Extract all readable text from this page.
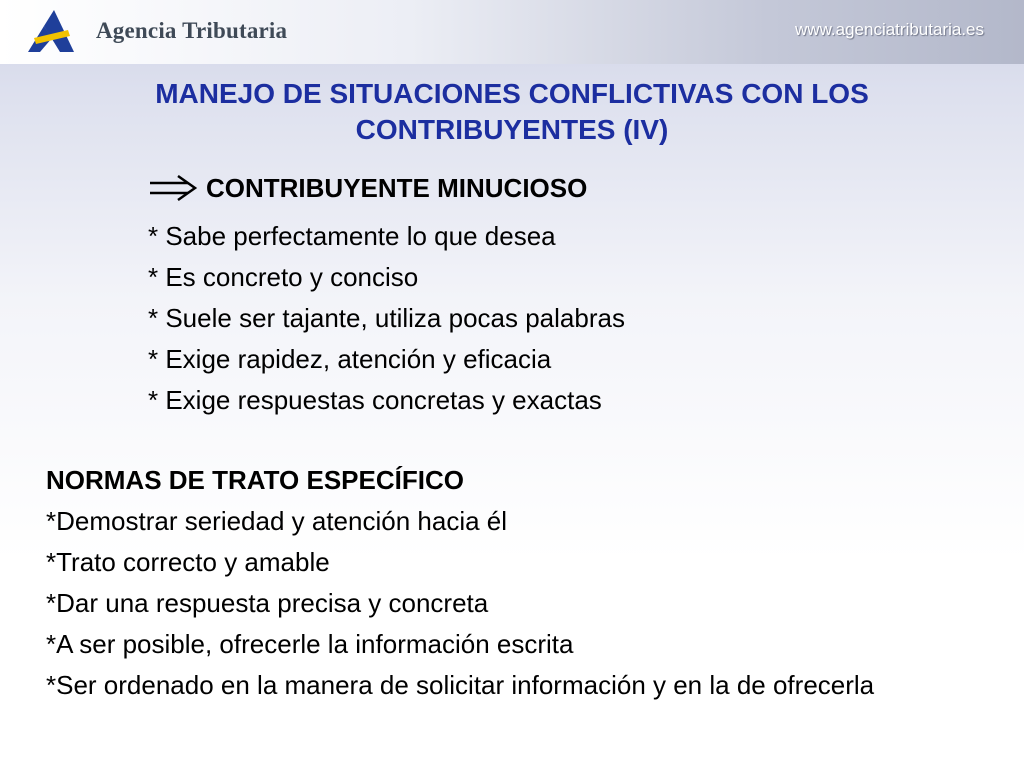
Agencia Tributaria	www.agenciatributaria.es
MANEJO DE SITUACIONES CONFLICTIVAS CON LOS CONTRIBUYENTES (IV)
CONTRIBUYENTE MINUCIOSO
* Sabe perfectamente lo que desea
* Es concreto y conciso
* Suele ser tajante, utiliza pocas palabras
* Exige rapidez, atención y eficacia
* Exige respuestas concretas y exactas
NORMAS DE TRATO ESPECÍFICO
*Demostrar seriedad y atención hacia él
*Trato correcto y amable
*Dar una respuesta precisa y concreta
*A ser posible, ofrecerle la información escrita
*Ser ordenado en la manera de solicitar información y en la de ofrecerla
